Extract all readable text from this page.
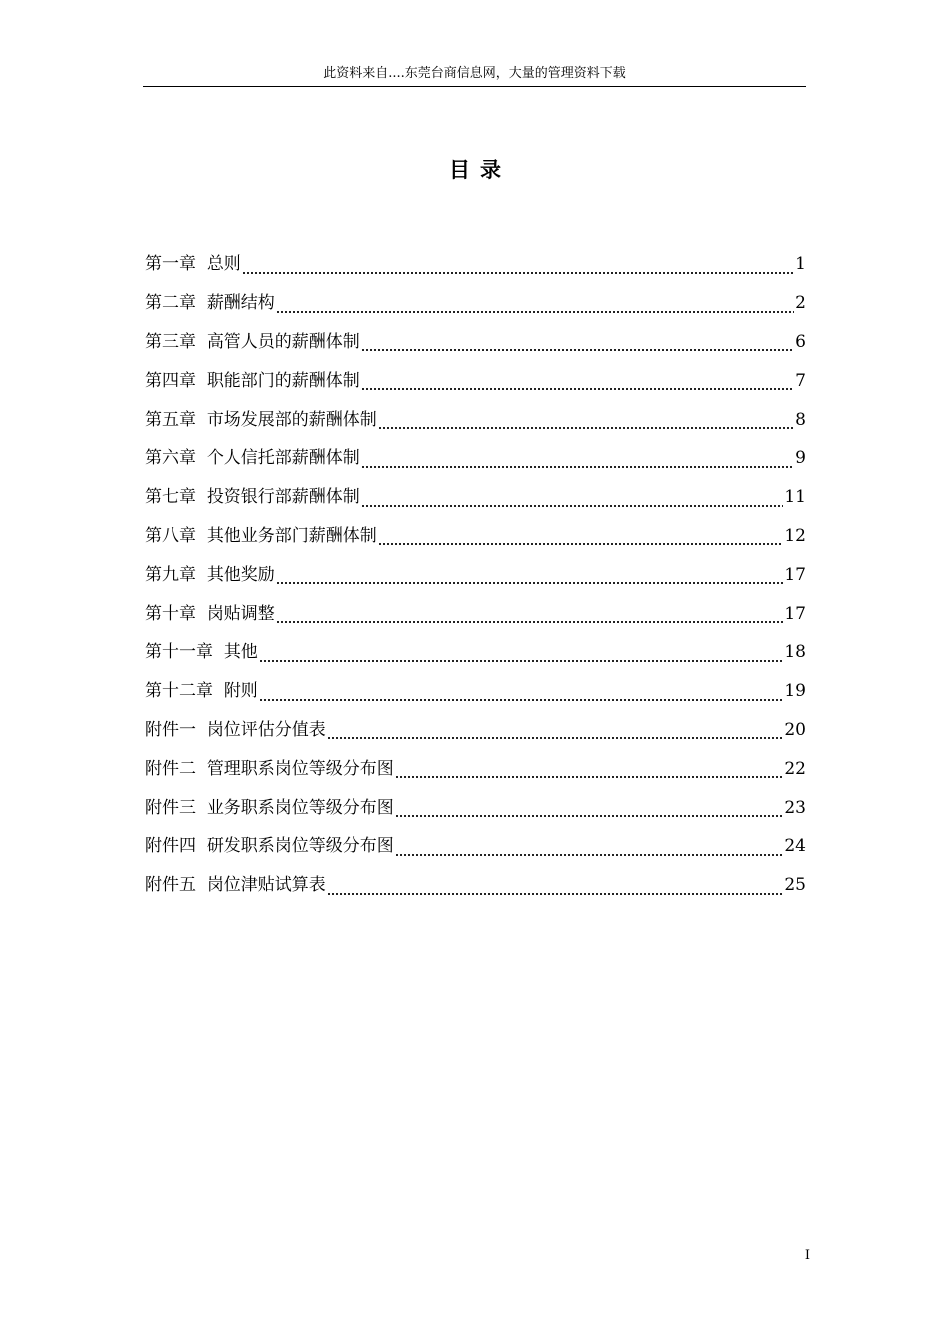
此资料来自....东莞台商信息网，大量的管理资料下载
目录
第一章 总则	1
第二章 薪酬结构	2
第三章 高管人员的薪酬体制	6
第四章 职能部门的薪酬体制	7
第五章 市场发展部的薪酬体制	8
第六章 个人信托部薪酬体制	9
第七章 投资银行部薪酬体制	11
第八章 其他业务部门薪酬体制	12
第九章 其他奖励	17
第十章 岗贴调整	17
第十一章 其他	18
第十二章 附则	19
附件一 岗位评估分值表	20
附件二 管理职系岗位等级分布图	22
附件三 业务职系岗位等级分布图	23
附件四 研发职系岗位等级分布图	24
附件五 岗位津贴试算表	25
I
